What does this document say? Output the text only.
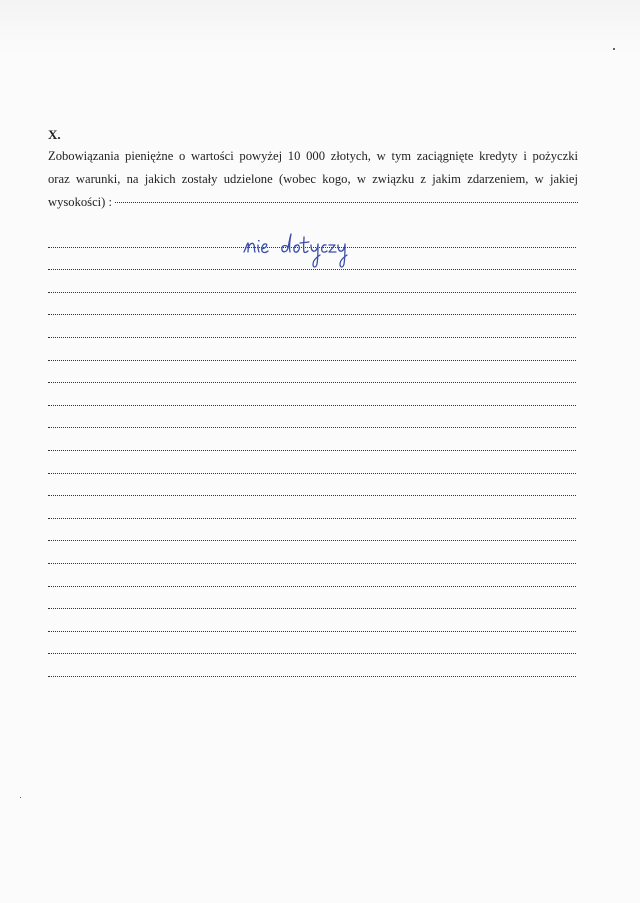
X.

Zobowiązania pieniężne o wartości powyżej 10 000 złotych, w tym zaciągnięte kredyty i pożyczki
oraz warunki, na jakich zostały udzielone (wobec kogo, w związku z jakim zdarzeniem, w jakiej
wysokości) :
